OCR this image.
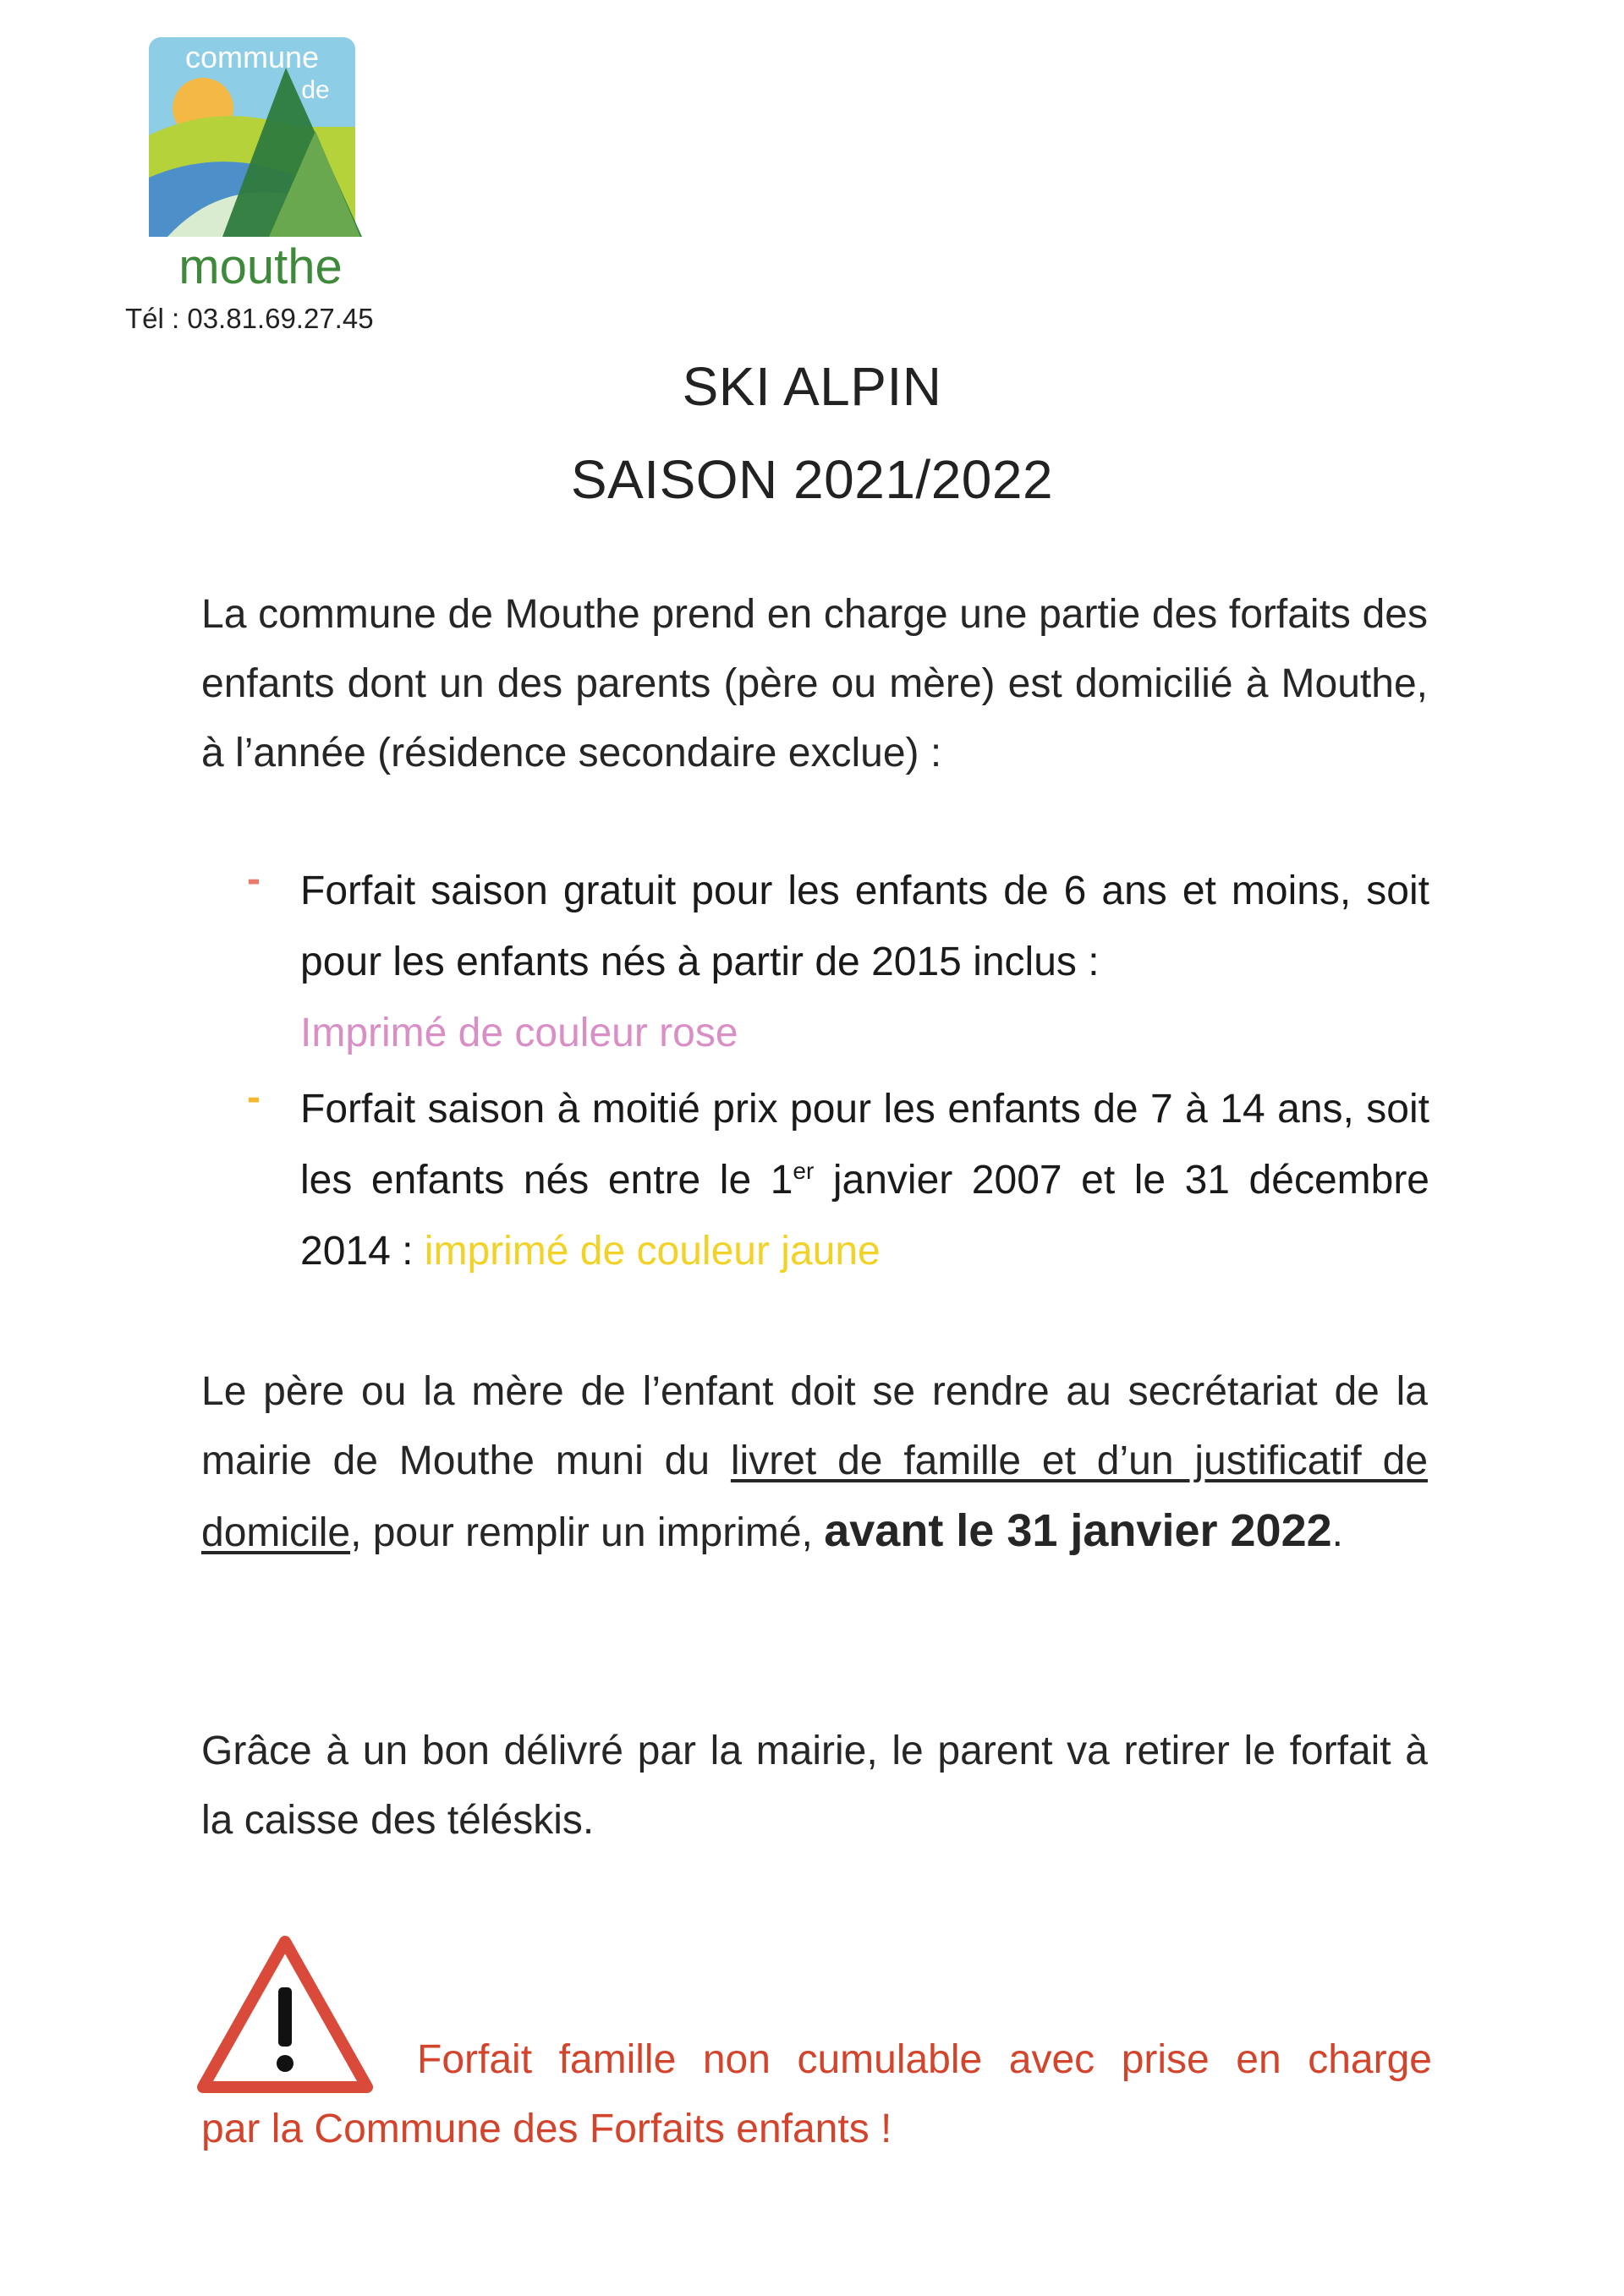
commune
de
mouthe
Tél : 03.81.69.27.45
SKI ALPIN
SAISON 2021/2022
La commune de Mouthe prend en charge une partie des forfaits des enfants dont un des parents (père ou mère) est domicilié à Mouthe, à l’année (résidence secondaire exclue) :
- Forfait saison gratuit pour les enfants de 6 ans et moins, soit pour les enfants nés à partir de 2015 inclus :
Imprimé de couleur rose
- Forfait saison à moitié prix pour les enfants de 7 à 14 ans, soit les enfants nés entre le 1er janvier 2007 et le 31 décembre 2014 : imprimé de couleur jaune
Le père ou la mère de l’enfant doit se rendre au secrétariat de la mairie de Mouthe muni du livret de famille et d’un justificatif de domicile, pour remplir un imprimé, avant le 31 janvier 2022.
Grâce à un bon délivré par la mairie, le parent va retirer le forfait à la caisse des téléskis.
Forfait famille non cumulable avec prise en charge
par la Commune des Forfaits enfants !
